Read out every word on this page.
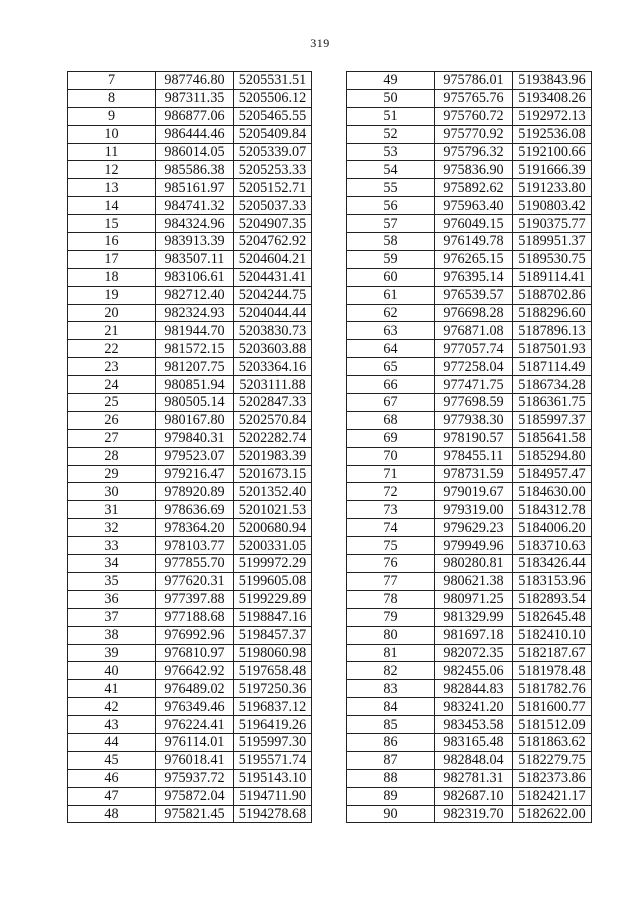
319
7	987746.80	5205531.51
8	987311.35	5205506.12
9	986877.06	5205465.55
10	986444.46	5205409.84
11	986014.05	5205339.07
12	985586.38	5205253.33
13	985161.97	5205152.71
14	984741.32	5205037.33
15	984324.96	5204907.35
16	983913.39	5204762.92
17	983507.11	5204604.21
18	983106.61	5204431.41
19	982712.40	5204244.75
20	982324.93	5204044.44
21	981944.70	5203830.73
22	981572.15	5203603.88
23	981207.75	5203364.16
24	980851.94	5203111.88
25	980505.14	5202847.33
26	980167.80	5202570.84
27	979840.31	5202282.74
28	979523.07	5201983.39
29	979216.47	5201673.15
30	978920.89	5201352.40
31	978636.69	5201021.53
32	978364.20	5200680.94
33	978103.77	5200331.05
34	977855.70	5199972.29
35	977620.31	5199605.08
36	977397.88	5199229.89
37	977188.68	5198847.16
38	976992.96	5198457.37
39	976810.97	5198060.98
40	976642.92	5197658.48
41	976489.02	5197250.36
42	976349.46	5196837.12
43	976224.41	5196419.26
44	976114.01	5195997.30
45	976018.41	5195571.74
46	975937.72	5195143.10
47	975872.04	5194711.90
48	975821.45	5194278.68
49	975786.01	5193843.96
50	975765.76	5193408.26
51	975760.72	5192972.13
52	975770.92	5192536.08
53	975796.32	5192100.66
54	975836.90	5191666.39
55	975892.62	5191233.80
56	975963.40	5190803.42
57	976049.15	5190375.77
58	976149.78	5189951.37
59	976265.15	5189530.75
60	976395.14	5189114.41
61	976539.57	5188702.86
62	976698.28	5188296.60
63	976871.08	5187896.13
64	977057.74	5187501.93
65	977258.04	5187114.49
66	977471.75	5186734.28
67	977698.59	5186361.75
68	977938.30	5185997.37
69	978190.57	5185641.58
70	978455.11	5185294.80
71	978731.59	5184957.47
72	979019.67	5184630.00
73	979319.00	5184312.78
74	979629.23	5184006.20
75	979949.96	5183710.63
76	980280.81	5183426.44
77	980621.38	5183153.96
78	980971.25	5182893.54
79	981329.99	5182645.48
80	981697.18	5182410.10
81	982072.35	5182187.67
82	982455.06	5181978.48
83	982844.83	5181782.76
84	983241.20	5181600.77
85	983453.58	5181512.09
86	983165.48	5181863.62
87	982848.04	5182279.75
88	982781.31	5182373.86
89	982687.10	5182421.17
90	982319.70	5182622.00
